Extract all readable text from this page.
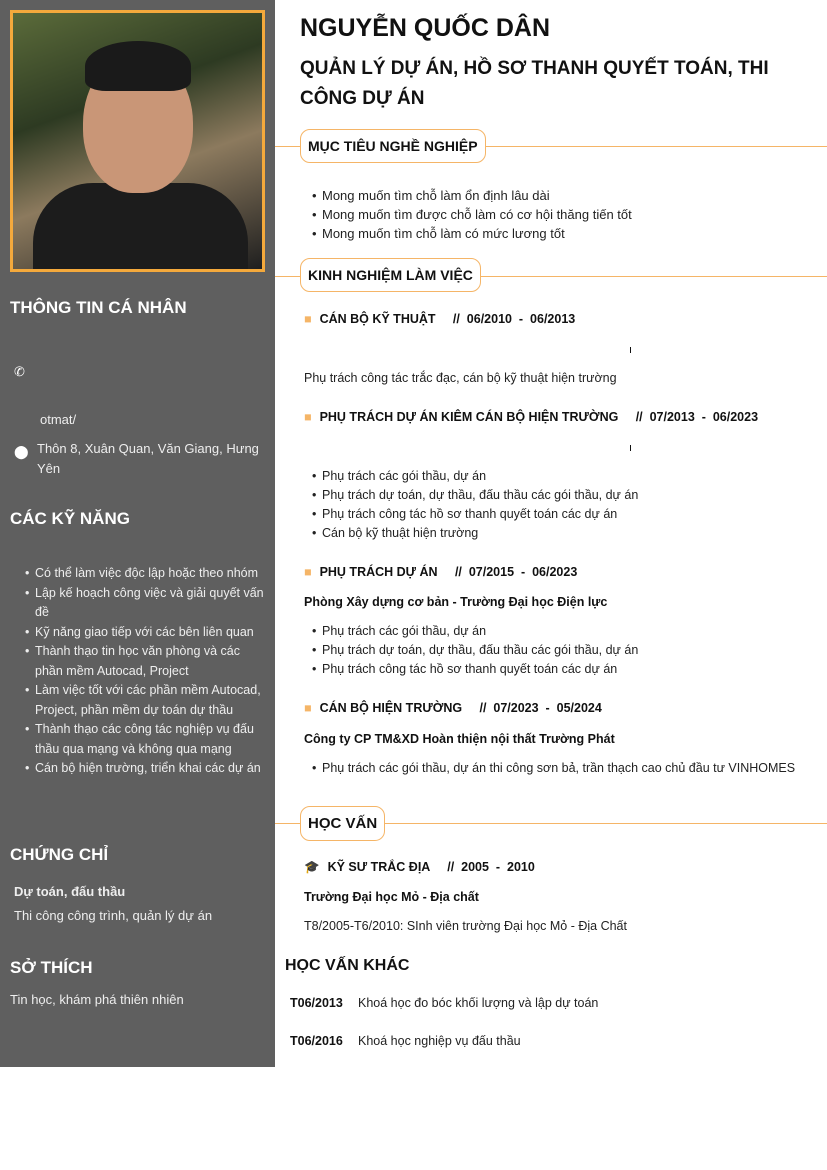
THÔNG TIN CÁ NHÂN
✆
otmat/
⬤ Thôn 8, Xuân Quan, Văn Giang, Hưng Yên
CÁC KỸ NĂNG
• Có thể làm việc độc lập hoặc theo nhóm
• Lập kế hoạch công việc và giải quyết vấn đề
• Kỹ năng giao tiếp với các bên liên quan
• Thành thạo tin học văn phòng và các phần mềm Autocad, Project
• Làm việc tốt với các phần mềm Autocad, Project, phần mềm dự toán dự thầu
• Thành thạo các công tác nghiệp vụ đấu thầu qua mạng và không qua mạng
• Cán bộ hiện trường, triển khai các dự án
CHỨNG CHỈ
Dự toán, đấu thầu
Thi công công trình, quản lý dự án
SỞ THÍCH
Tin học, khám phá thiên nhiên
NGUYỄN QUỐC DÂN
QUẢN LÝ DỰ ÁN, HỒ SƠ THANH QUYẾT TOÁN, THI CÔNG DỰ ÁN
MỤC TIÊU NGHỀ NGHIỆP
• Mong muốn tìm chỗ làm ổn định lâu dài
• Mong muốn tìm được chỗ làm có cơ hội thăng tiến tốt
• Mong muốn tìm chỗ làm có mức lương tốt
KINH NGHIỆM LÀM VIỆC
■ CÁN BỘ KỸ THUẬT //  06/2010  -  06/2013
Phụ trách công tác trắc đạc, cán bộ kỹ thuật hiện trường
■ PHỤ TRÁCH DỰ ÁN KIÊM CÁN BỘ HIỆN TRƯỜNG //  07/2013  -  06/2023
• Phụ trách các gói thầu, dự án
• Phụ trách dự toán, dự thầu, đấu thầu các gói thầu, dự án
• Phụ trách công tác hồ sơ thanh quyết toán các dự án
• Cán bộ kỹ thuật hiện trường
■ PHỤ TRÁCH DỰ ÁN //  07/2015  -  06/2023
Phòng Xây dựng cơ bản - Trường Đại học Điện lực
• Phụ trách các gói thầu, dự án
• Phụ trách dự toán, dự thầu, đấu thầu các gói thầu, dự án
• Phụ trách công tác hồ sơ thanh quyết toán các dự án
■ CÁN BỘ HIỆN TRƯỜNG //  07/2023  -  05/2024
Công ty CP TM&XD Hoàn thiện nội thất Trường Phát
• Phụ trách các gói thầu, dự án thi công sơn bả, trần thạch cao chủ đầu tư VINHOMES
HỌC VẤN
🎓 KỸ SƯ TRẮC ĐỊA //  2005  -  2010
Trường Đại học Mỏ - Địa chất
T8/2005-T6/2010: SInh viên trường Đại học Mỏ - Địa Chất
HỌC VẤN KHÁC
T06/2013 Khoá học đo bóc khối lượng và lập dự toán
T06/2016 Khoá học nghiệp vụ đấu thầu
